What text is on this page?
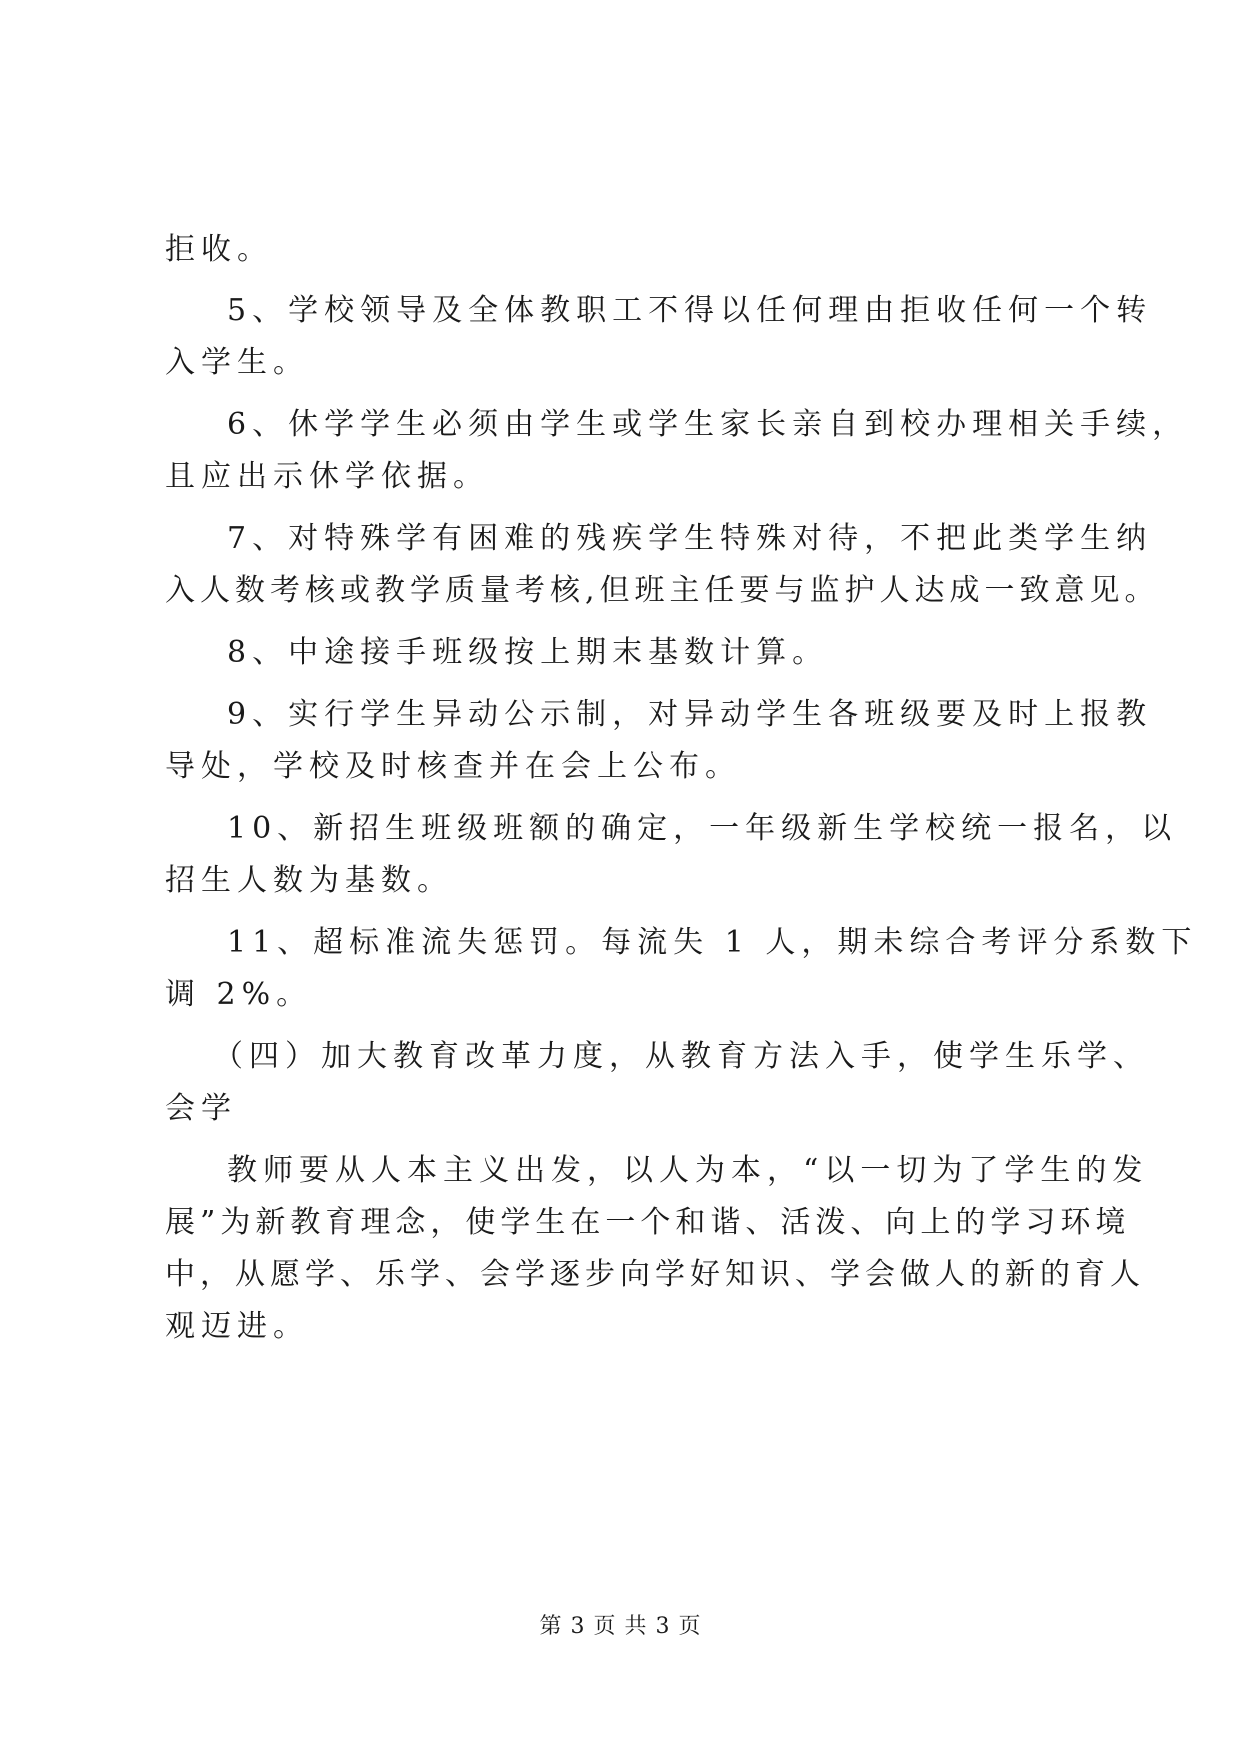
拒收。
5、学校领导及全体教职工不得以任何理由拒收任何一个转
入学生。
6、休学学生必须由学生或学生家长亲自到校办理相关手续，
且应出示休学依据。
7、对特殊学有困难的残疾学生特殊对待，不把此类学生纳
入人数考核或教学质量考核,但班主任要与监护人达成一致意见。
8、中途接手班级按上期末基数计算。
9、实行学生异动公示制，对异动学生各班级要及时上报教
导处，学校及时核查并在会上公布。
10、新招生班级班额的确定，一年级新生学校统一报名，以
招生人数为基数。
11、超标准流失惩罚。每流失 1 人，期未综合考评分系数下
调 2%。
（四）加大教育改革力度，从教育方法入手，使学生乐学、
会学
教师要从人本主义出发，以人为本，“以一切为了学生的发
展”为新教育理念，使学生在一个和谐、活泼、向上的学习环境
中，从愿学、乐学、会学逐步向学好知识、学会做人的新的育人
观迈进。
第 3 页 共 3 页
